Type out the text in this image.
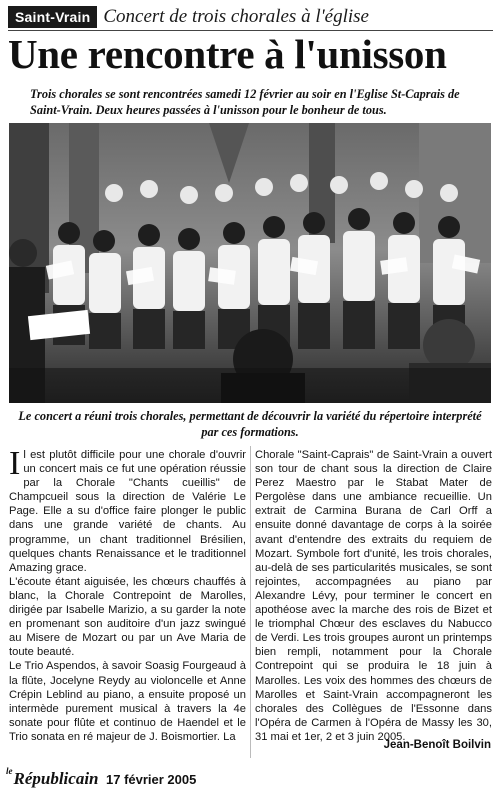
Saint-Vrain Concert de trois chorales à l'église
Une rencontre à l'unisson
Trois chorales se sont rencontrées samedi 12 février au soir en l'Eglise St-Caprais de Saint-Vrain. Deux heures passées à l'unisson pour le bonheur de tous.
Le concert a réuni trois chorales, permettant de découvrir la variété du répertoire interprété par ces formations.

Il est plutôt difficile pour une chorale d'ouvrir un concert mais ce fut une opération réussie par la Chorale "Chants cueillis" de Champcueil sous la direction de Valérie Le Page. Elle a su d'office faire plonger le public dans une grande variété de chants. Au programme, un chant traditionnel Brésilien, quelques chants Renaissance et le traditionnel Amazing grace.

L'écoute étant aiguisée, les chœurs chauffés à blanc, la Chorale Contrepoint de Marolles, dirigée par Isabelle Marizio, a su garder la note en promenant son auditoire d'un jazz swingué au Misere de Mozart ou par un Ave Maria de toute beauté.

Le Trio Aspendos, à savoir Soasig Fourgeaud à la flûte, Jocelyne Reydy au violoncelle et Anne Crépin Leblind au piano, a ensuite proposé un intermède purement musical à travers la 4e sonate pour flûte et continuo de Haendel et le Trio sonata en ré majeur de J. Boismortier. La

Chorale "Saint-Caprais" de Saint-Vrain a ouvert son tour de chant sous la direction de Claire Perez Maestro par le Stabat Mater de Pergolèse dans une ambiance recueillie. Un extrait de Carmina Burana de Carl Orff a ensuite donné davantage de corps à la soirée avant d'entendre des extraits du requiem de Mozart. Symbole fort d'unité, les trois chorales, au-delà de ses particularités musicales, se sont rejointes, accompagnées au piano par Alexandre Lévy, pour terminer le concert en apothéose avec la marche des rois de Bizet et le triomphal Chœur des esclaves du Nabucco de Verdi. Les trois groupes auront un printemps bien rempli, notamment pour la Chorale Contrepoint qui se produira le 18 juin à Marolles. Les voix des hommes des chœurs de Marolles et Saint-Vrain accompagneront les chorales des Collègues de l'Essonne dans l'Opéra de Carmen à l'Opéra de Massy les 30, 31 mai et 1er, 2 et 3 juin 2005.

Jean-Benoît Boilvin
$^{le}$Républicain 17 février 2005
